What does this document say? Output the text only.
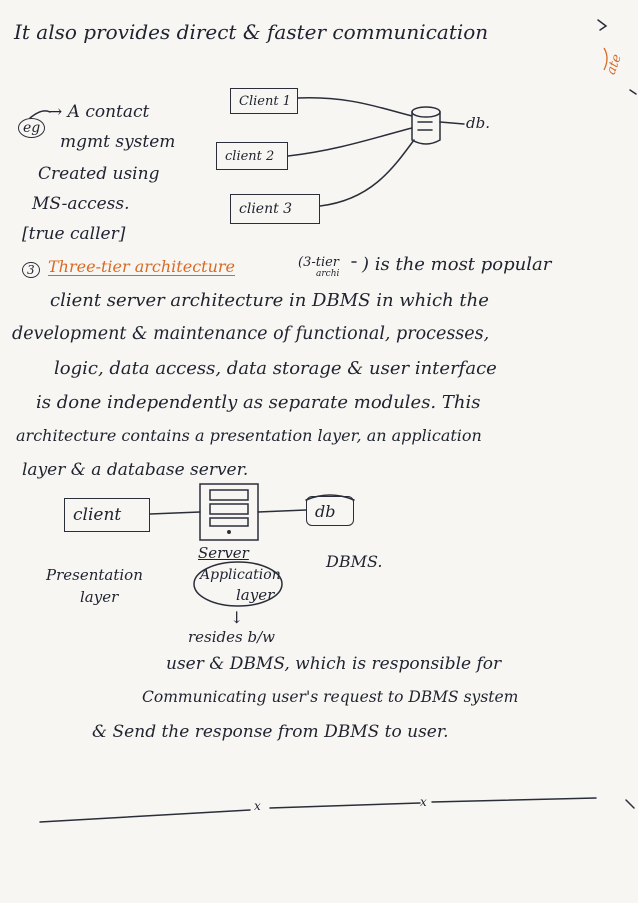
It also provides direct & faster communication
ate
eg
→ A contact
mgmt system
Created using
MS-access.
[true caller]
Client 1
client 2
client 3
db.
3 Three-tier architecture	(3-tier
archi ) is the most popular
client server architecture in DBMS in which the
development & maintenance of functional, processes,
logic, data access, data storage & user interface
is done independently as separate modules. This
architecture contains a presentation layer, an application
layer & a database server.
client	db
Server
Application
layer
↓
DBMS.
Presentation
layer
resides b/w
user & DBMS, which is responsible for
Communicating user's request to DBMS system
& Send the response from DBMS to user.
x	x
